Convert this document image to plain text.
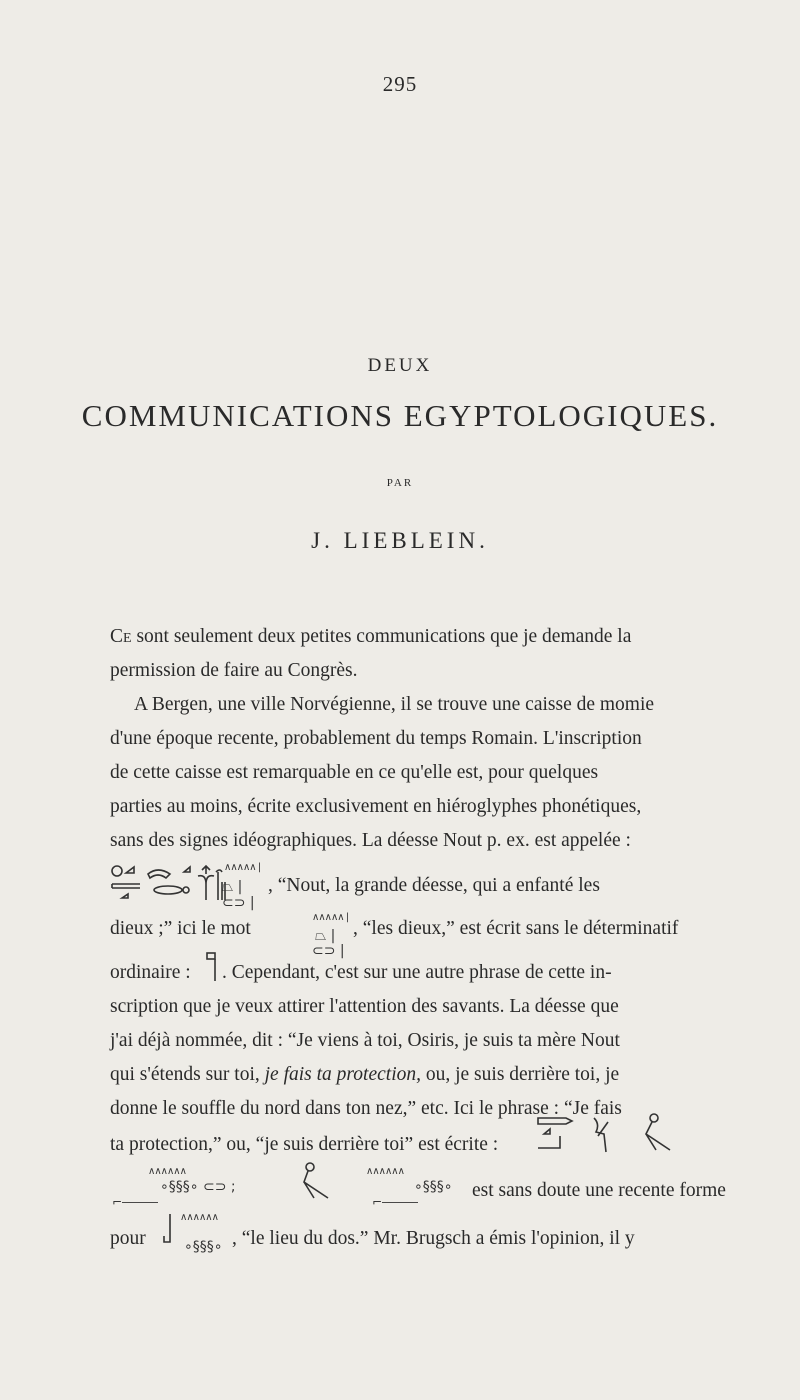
295
DEUX
COMMUNICATIONS EGYPTOLOGIQUES.
PAR
J. LIEBLEIN.
Ce sont seulement deux petites communications que je demande la
permission de faire au Congrès.
A Bergen, une ville Norvégienne, il se trouve une caisse de momie
d'une époque recente, probablement du temps Romain. L'inscription
de cette caisse est remarquable en ce qu'elle est, pour quelques
parties au moins, écrite exclusivement en hiéroglyphes phonétiques,
sans des signes idéographiques. La déesse Nout p. ex. est appelée :
∧∧∧∧∧ |
⏢ |
⊂⊃ |
, “Nout, la grande déesse, qui a enfanté les
dieux ;” ici le mot
∧∧∧∧∧ |
⏢ |
⊂⊃ |
, “les dieux,” est écrit sans le déterminatif
ordinaire :	. Cependant, c'est sur une autre phrase de cette in-
scription que je veux attirer l'attention des savants. La déesse que
j'ai déjà nommée, dit : “Je viens à toi, Osiris, je suis ta mère Nout
qui s'étends sur toi, je fais ta protection, ou, je suis derrière toi, je
donne le souffle du nord dans ton nez,” etc. Ici le phrase : “Je fais
ta protection,” ou, “je suis derrière toi” est écrite :
∧∧∧∧∧∧
∘§§§∘ ⊂⊃ ;
⌐―――
∧∧∧∧∧∧
⌐―――
∘§§§∘ est sans doute une recente forme
pour
∧∧∧∧∧∧
∘§§§∘ , “le lieu du dos.” Mr. Brugsch a émis l'opinion, il y
